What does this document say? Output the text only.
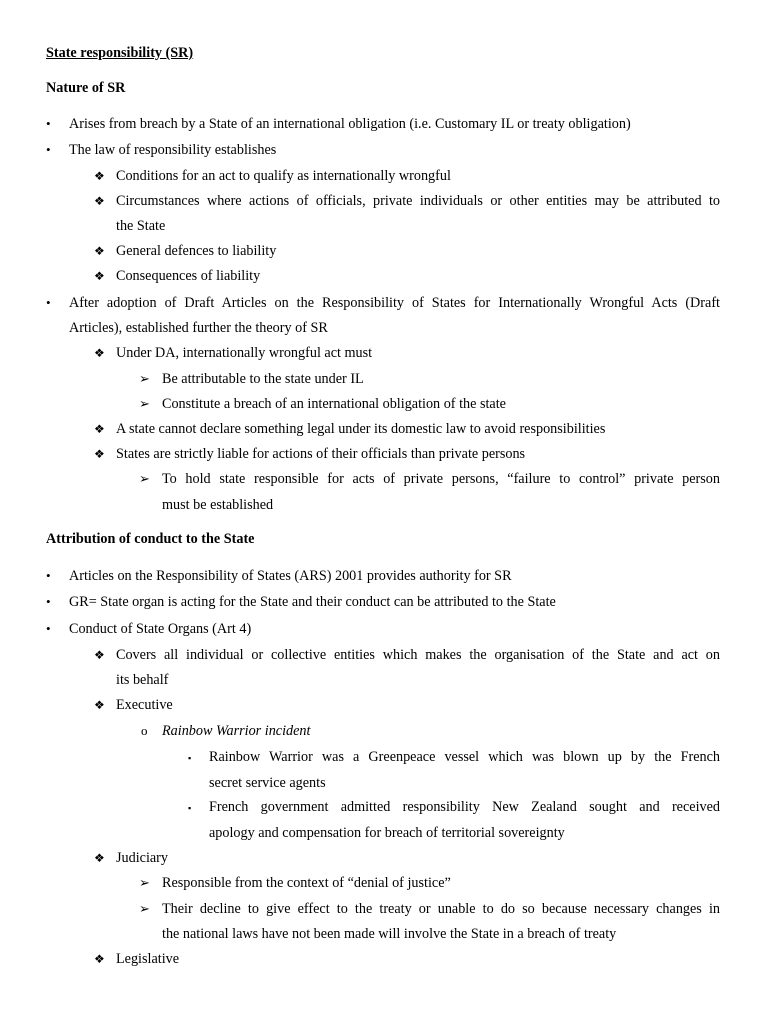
State responsibility (SR)
Nature of SR
• Arises from breach by a State of an international obligation (i.e. Customary IL or treaty obligation)
• The law of responsibility establishes
❖ Conditions for an act to qualify as internationally wrongful
❖ Circumstances where actions of officials, private individuals or other entities may be attributed to
the State
❖ General defences to liability
❖ Consequences of liability
• After adoption of Draft Articles on the Responsibility of States for Internationally Wrongful Acts (Draft
Articles), established further the theory of SR
❖ Under DA, internationally wrongful act must
➢ Be attributable to the state under IL
➢ Constitute a breach of an international obligation of the state
❖ A state cannot declare something legal under its domestic law to avoid responsibilities
❖ States are strictly liable for actions of their officials than private persons
➢ To hold state responsible for acts of private persons, “failure to control” private person
must be established
Attribution of conduct to the State
• Articles on the Responsibility of States (ARS) 2001 provides authority for SR
• GR= State organ is acting for the State and their conduct can be attributed to the State
• Conduct of State Organs (Art 4)
❖ Covers all individual or collective entities which makes the organisation of the State and act on
its behalf
❖ Executive
o Rainbow Warrior incident
▪ Rainbow Warrior was a Greenpeace vessel which was blown up by the French
secret service agents
▪ French government admitted responsibility New Zealand sought and received
apology and compensation for breach of territorial sovereignty
❖ Judiciary
➢ Responsible from the context of “denial of justice”
➢ Their decline to give effect to the treaty or unable to do so because necessary changes in
the national laws have not been made will involve the State in a breach of treaty
❖ Legislative
